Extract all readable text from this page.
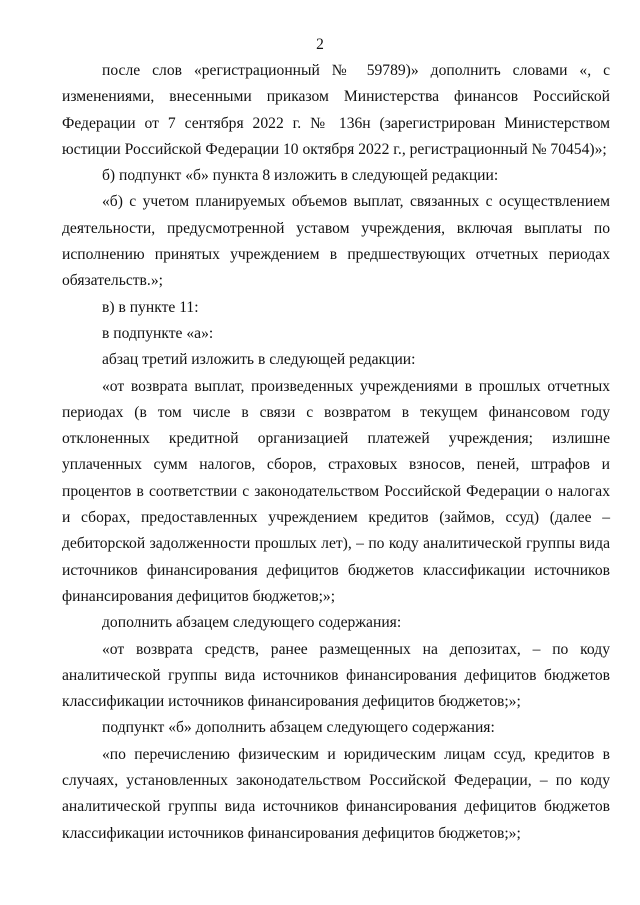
2

после слов «регистрационный № 59789)» дополнить словами «, с изменениями, внесенными приказом Министерства финансов Российской Федерации от 7 сентября 2022 г. № 136н (зарегистрирован Министерством юстиции Российской Федерации 10 октября 2022 г., регистрационный № 70454)»;

б) подпункт «б» пункта 8 изложить в следующей редакции:

«б) с учетом планируемых объемов выплат, связанных с осуществлением деятельности, предусмотренной уставом учреждения, включая выплаты по исполнению принятых учреждением в предшествующих отчетных периодах обязательств.»;

в) в пункте 11:

в подпункте «а»:

абзац третий изложить в следующей редакции:

«от возврата выплат, произведенных учреждениями в прошлых отчетных периодах (в том числе в связи с возвратом в текущем финансовом году отклоненных кредитной организацией платежей учреждения; излишне уплаченных сумм налогов, сборов, страховых взносов, пеней, штрафов и процентов в соответствии с законодательством Российской Федерации о налогах и сборах, предоставленных учреждением кредитов (займов, ссуд) (далее – дебиторской задолженности прошлых лет), – по коду аналитической группы вида источников финансирования дефицитов бюджетов классификации источников финансирования дефицитов бюджетов;»;

дополнить абзацем следующего содержания:

«от возврата средств, ранее размещенных на депозитах, – по коду аналитической группы вида источников финансирования дефицитов бюджетов классификации источников финансирования дефицитов бюджетов;»;

подпункт «б» дополнить абзацем следующего содержания:

«по перечислению физическим и юридическим лицам ссуд, кредитов в случаях, установленных законодательством Российской Федерации, – по коду аналитической группы вида источников финансирования дефицитов бюджетов классификации источников финансирования дефицитов бюджетов;»;
